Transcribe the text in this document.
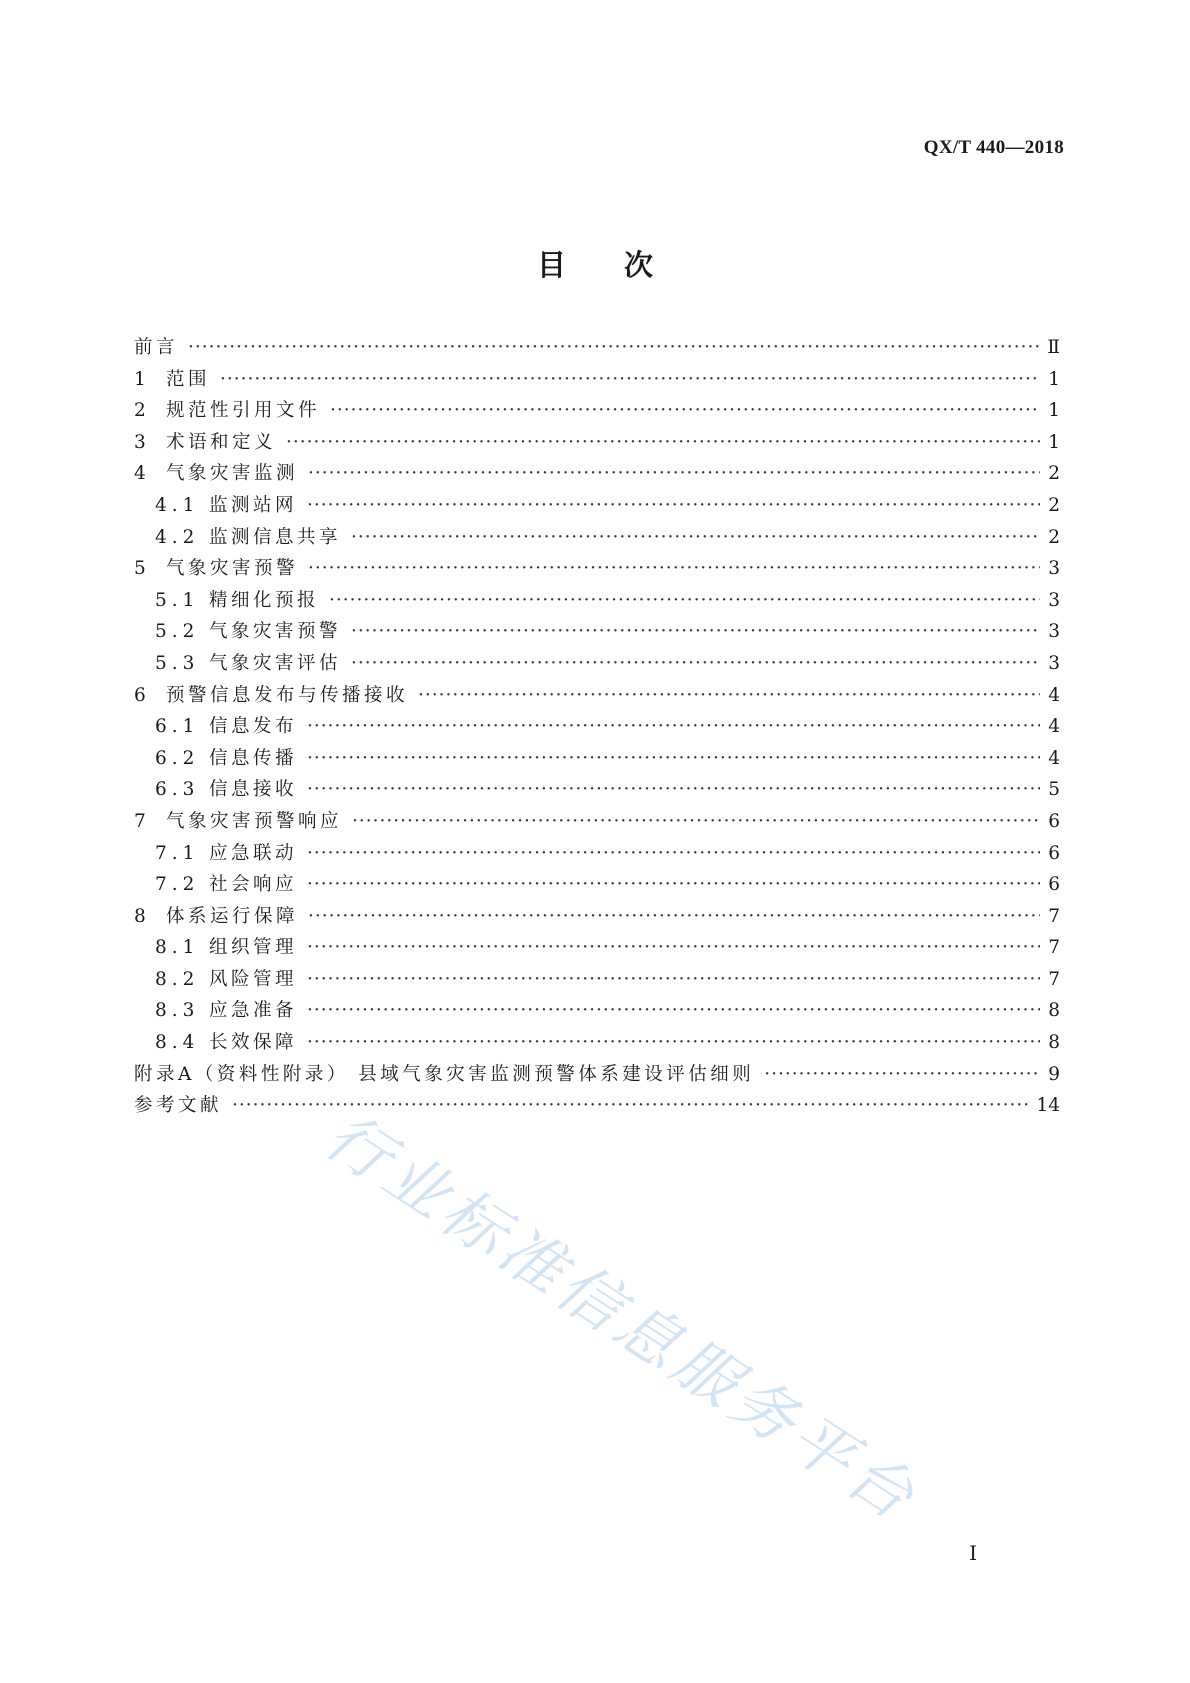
QX/T 440—2018
目次
前言 ·····	Ⅱ
1 范围 ·····	1
2 规范性引用文件 ·····	1
3 术语和定义 ·····	1
4 气象灾害监测 ·····	2
4.1 监测站网 ·····	2
4.2 监测信息共享 ·····	2
5 气象灾害预警 ·····	3
5.1 精细化预报 ·····	3
5.2 气象灾害预警 ·····	3
5.3 气象灾害评估 ·····	3
6 预警信息发布与传播接收 ·····	4
6.1 信息发布 ·····	4
6.2 信息传播 ·····	4
6.3 信息接收 ·····	5
7 气象灾害预警响应 ·····	6
7.1 应急联动 ·····	6
7.2 社会响应 ·····	6
8 体系运行保障 ·····	7
8.1 组织管理 ·····	7
8.2 风险管理 ·····	7
8.3 应急准备 ·····	8
8.4 长效保障 ·····	8
附录A（资料性附录） 县域气象灾害监测预警体系建设评估细则 ·····	9
参考文献 ·····	14
行业标准信息服务平台
Ⅰ
